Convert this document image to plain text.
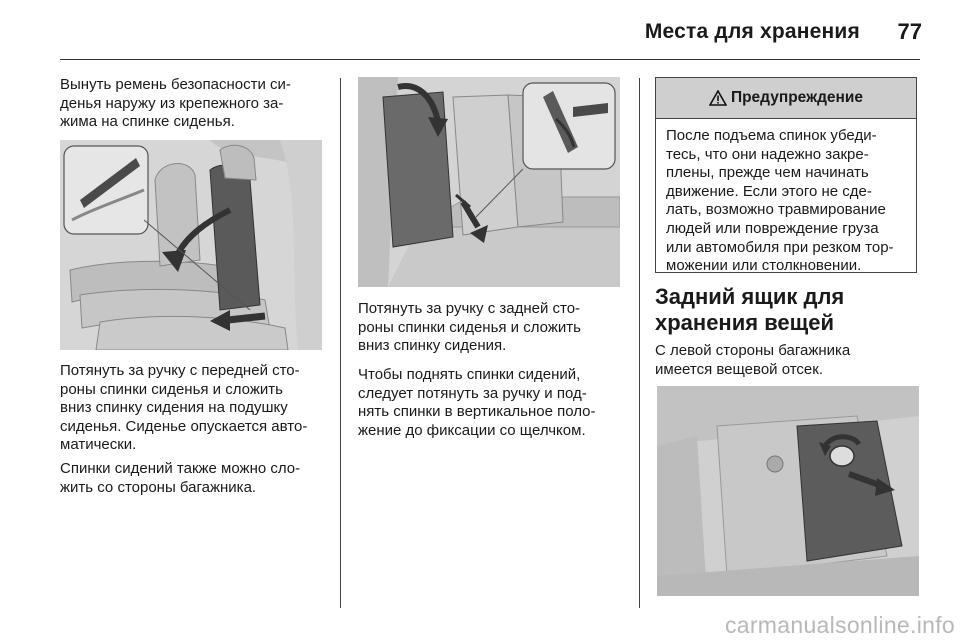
Места для хранения	77

Вынуть ремень безопасности си-
денья наружу из крепежного за-
жима на спинке сиденья.

Потянуть за ручку с передней сто-
роны спинки сиденья и сложить
вниз спинку сидения на подушку
сиденья. Сиденье опускается авто-
матически.

Спинки сидений также можно сло-
жить со стороны багажника.

Потянуть за ручку с задней сто-
роны спинки сиденья и сложить
вниз спинку сидения.

Чтобы поднять спинки сидений,
следует потянуть за ручку и под-
нять спинки в вертикальное поло-
жение до фиксации со щелчком.

Предупреждение

После подъема спинок убеди-
тесь, что они надежно закре-
плены, прежде чем начинать
движение. Если этого не сде-
лать, возможно травмирование
людей или повреждение груза
или автомобиля при резком тор-
можении или столкновении.

Задний ящик для
хранения вещей

С левой стороны багажника
имеется вещевой отсек.

carmanualsonline.info
